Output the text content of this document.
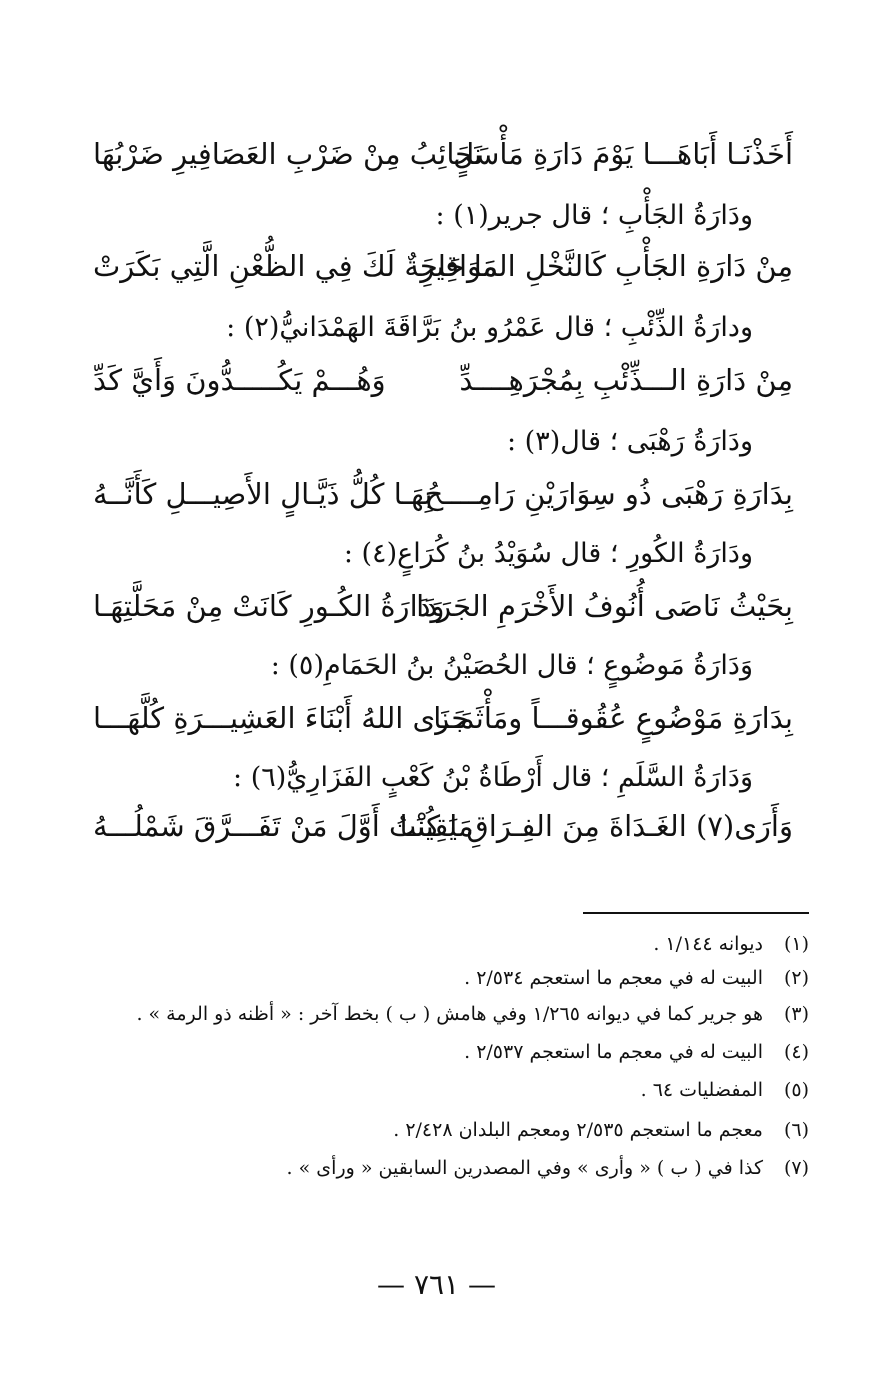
أَخَذْنَـا أَبَاهَـــا يَوْمَ دَارَةِ مَأْسَلٍ
نَجَائِبُ مِنْ ضَرْبِ العَصَافِيرِ ضَرْبُهَا
ودَارَةُ الجَأْبِ ؛ قال جرير(١) :
مِنْ دَارَةِ الجَأْبِ كَالنَّخْلِ المَوَاقِيرِ
مَا حَاجَةٌ لَكَ فِي الظُّعْنِ الَّتِي بَكَرَتْ
ودارَةُ الذِّئْبِ ؛ قال عَمْرُو بنُ بَرَّاقَةَ الهَمْدَانيُّ(٢) :
مِنْ دَارَةِ الـــذِّئْبِ بِمُجْرَهِــــدِّ
وَهُـــمْ يَكُـــــدُّونَ وَأَيَّ كَدِّ
ودَارَةُ رَهْبَى ؛ قال(٣) :
بِدَارَةِ رَهْبَى ذُو سِوَارَيْنِ رَامِــــحُ
بِهَـا كُلُّ ذَيَّـالٍ الأَصِيـــلِ كَأَنَّــهُ
ودَارَةُ الكُورِ ؛ قال سُوَيْدُ بنُ كُرَاعٍ(٤) :
بِحَيْثُ نَاصَى أُنُوفُ الأَخْرَمِ الجَرَدَا
وَدَارَةُ الكُـورِ كَانَتْ مِنْ مَحَلَّتِهَـا
وَدَارَةُ مَوضُوعٍ ؛ قال الحُصَيْنُ بنُ الحَمَامِ(٥) :
بِدَارَةِ مَوْضُوعٍ عُقُوقـــاً ومَأْثَمَــا
جَزَى اللهُ أَبْنَاءَ العَشِيـــرَةِ كُلَّهَـــا
وَدَارَةُ السَّلَمِ ؛ قال أَرْطَاةُ بْنُ كَعْبٍ الفَزَارِيُّ(٦) :
وَأَرَى(٧) الغَـدَاةَ مِنَ الفِـرَاقِ يَقِينَـا
مَا كُنْتُ أَوَّلَ مَنْ تَفَـــرَّقَ شَمْلُـــهُ
(١)ديوانه ١/١٤٤ .
(٢)البيت له في معجم ما استعجم ٢/٥٣٤ .
(٣)هو جرير كما في ديوانه ١/٢٦٥ وفي هامش ( ب ) بخط آخر : « أظنه ذو الرمة » .
(٤)البيت له في معجم ما استعجم ٢/٥٣٧ .
(٥)المفضليات ٦٤ .
(٦)معجم ما استعجم ٢/٥٣٥ ومعجم البلدان ٢/٤٢٨ .
(٧)كذا في ( ب ) « وأرى » وفي المصدرين السابقين « ورأى » .
— ٧٦١ —
